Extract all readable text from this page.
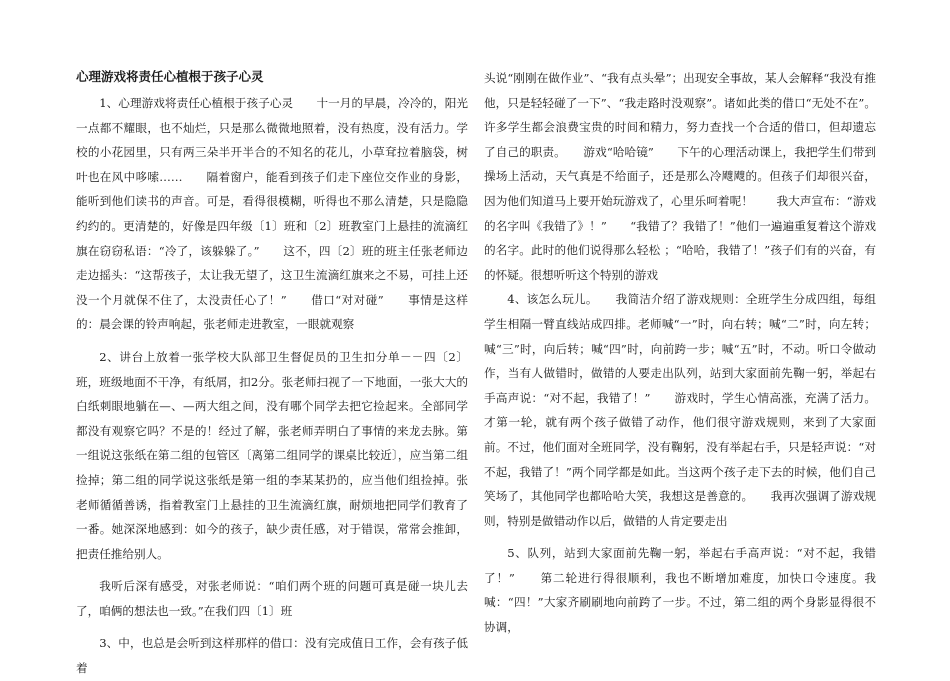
心理游戏将责任心植根于孩子心灵

1、心理游戏将责任心植根于孩子心灵　　十一月的早晨，冷冷的，阳光一点都不耀眼，也不灿烂，只是那么微微地照着，没有热度，没有活力。学校的小花园里，只有两三朵半开半合的不知名的花儿，小草耷拉着脑袋，树叶也在风中哆嗦……　　隔着窗户，能看到孩子们走下座位交作业的身影，能听到他们读书的声音。可是，看得很模糊，听得也不那么清楚，只是隐隐约约的。更清楚的，好像是四年级〔1〕班和〔2〕班教室门上悬挂的流滴红旗在窃窃私语：“冷了，该躲躲了。”　　这不，四〔2〕班的班主任张老师边走边摇头：“这帮孩子，太让我无望了，这卫生流滴红旗来之不易，可挂上还没一个月就保不住了，太没责任心了！”　　借口“对对碰”　　事情是这样的：晨会课的铃声响起，张老师走进教室，一眼就观察

2、讲台上放着一张学校大队部卫生督促员的卫生扣分单－－四〔2〕班，班级地面不干净，有纸屑，扣2分。张老师扫视了一下地面，一张大大的白纸刺眼地躺在—、—两大组之间，没有哪个同学去把它捡起来。全部同学都没有观察它吗？不是的！经过了解，张老师弄明白了事情的来龙去脉。第一组说这张纸在第二组的包管区〔离第二组同学的课桌比较近〕，应当第二组捡掉；第二组的同学说这张纸是第一组的李某某扔的，应当他们组捡掉。张老师循循善诱，指着教室门上悬挂的卫生流滴红旗，耐烦地把同学们教育了一番。她深深地感到：如今的孩子，缺少责任感，对于错误，常常会推卸，把责任推给别人。

我听后深有感受，对张老师说：“咱们两个班的问题可真是碰一块儿去了，咱俩的想法也一致。”在我们四〔1〕班

3、中，也总是会听到这样那样的借口：没有完成值日工作，会有孩子低着

头说“刚刚在做作业”、“我有点头晕”；出现安全事故，某人会解释“我没有推他，只是轻轻碰了一下”、“我走路时没观察”。诸如此类的借口“无处不在”。许多学生都会浪费宝贵的时间和精力，努力查找一个合适的借口，但却遗忘了自己的职责。　　游戏“哈哈镜”　　下午的心理活动课上，我把学生们带到操场上活动，天气真是不给面子，还是那么冷飕飕的。但孩子们却很兴奋，因为他们知道马上要开始玩游戏了，心里乐呵着呢！　　我大声宣布：“游戏的名字叫《我错了》！”　　“我错了？我错了！”他们一遍遍重复着这个游戏的名字。此时的他们说得那么轻松 ；“哈哈，我错了！”孩子们有的兴奋，有的怀疑。很想听听这个特别的游戏

4、该怎么玩儿。　　我简洁介绍了游戏规则：全班学生分成四组，每组学生相隔一臂直线站成四排。老师喊“一”时，向右转；喊“二”时，向左转；喊“三”时，向后转；喊“四”时，向前跨一步；喊“五”时，不动。听口令做动作，当有人做错时，做错的人要走出队列，站到大家面前先鞠一躬，举起右手高声说：“对不起，我错了！”　　游戏时，学生心情高涨，充满了活力。才第一轮，就有两个孩子做错了动作，他们很守游戏规则，来到了大家面前。不过，他们面对全班同学，没有鞠躬，没有举起右手，只是轻声说：“对不起，我错了！”两个同学都是如此。当这两个孩子走下去的时候，他们自己笑场了，其他同学也都哈哈大笑，我想这是善意的。　　我再次强调了游戏规则，特别是做错动作以后，做错的人肯定要走出

5、队列，站到大家面前先鞠一躬，举起右手高声说：“对不起，我错了！”　　第二轮进行得很顺利，我也不断增加难度，加快口令速度。我喊：“四！”大家齐刷刷地向前跨了一步。不过，第二组的两个身影显得很不协调，
